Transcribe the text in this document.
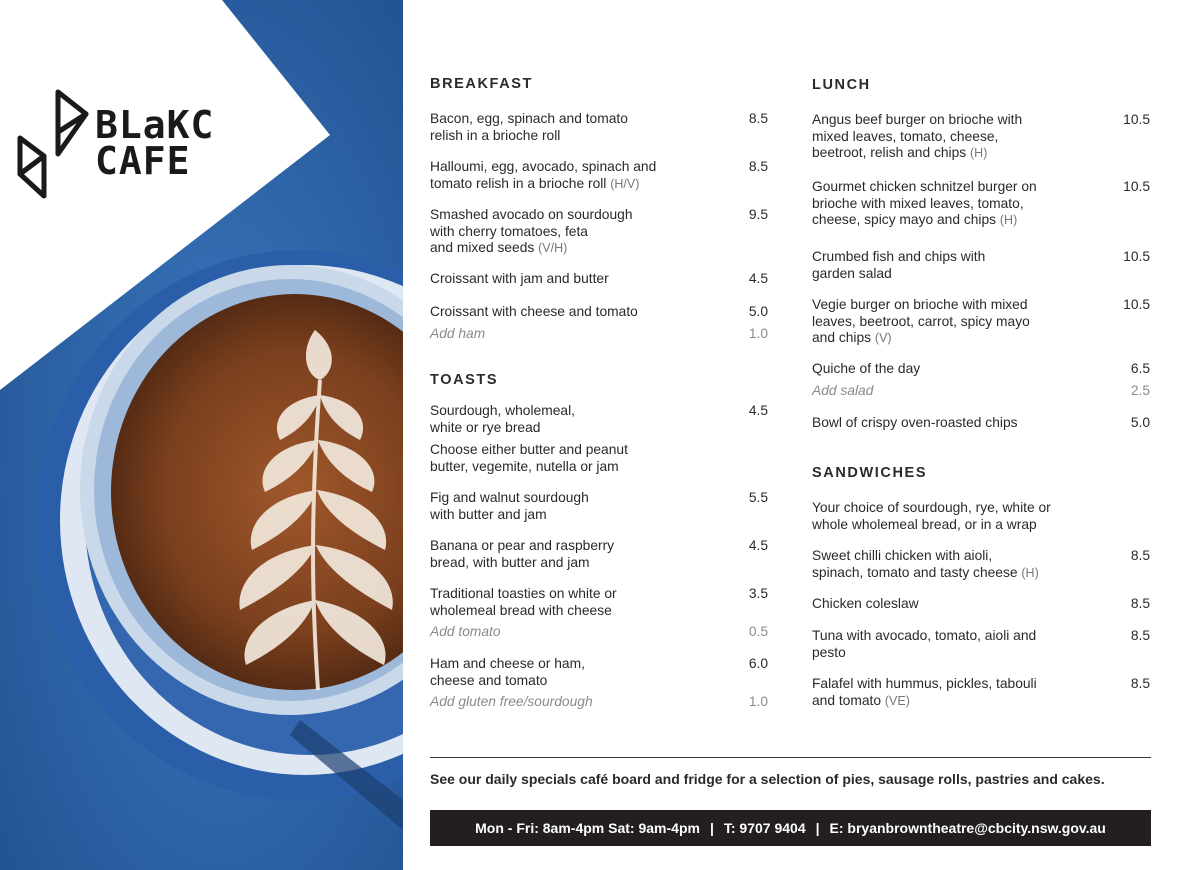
BLaKC
CAFE

BREAKFAST
Bacon, egg, spinach and tomato
relish in a brioche roll
8.5
Halloumi, egg, avocado, spinach and
tomato relish in a brioche roll (H/V)
8.5
Smashed avocado on sourdough
with cherry tomatoes, feta
and mixed seeds (V/H)
9.5
Croissant with jam and butter	4.5
Croissant with cheese and tomato	5.0
Add ham	1.0
TOASTS
Sourdough, wholemeal,
white or rye bread
4.5
Choose either butter and peanut
butter, vegemite, nutella or jam
Fig and walnut sourdough
with butter and jam
5.5
Banana or pear and raspberry
bread, with butter and jam
4.5
Traditional toasties on white or
wholemeal bread with cheese
3.5
Add tomato	0.5
Ham and cheese or ham,
cheese and tomato
6.0
Add gluten free/sourdough	1.0
LUNCH
Angus beef burger on brioche with
mixed leaves, tomato, cheese,
beetroot, relish and chips (H)
10.5
Gourmet chicken schnitzel burger on
brioche with mixed leaves, tomato,
cheese, spicy mayo and chips (H)
10.5
Crumbed fish and chips with
garden salad
10.5
Vegie burger on brioche with mixed
leaves, beetroot, carrot, spicy mayo
and chips (V)
10.5
Quiche of the day	6.5
Add salad	2.5
Bowl of crispy oven-roasted chips	5.0
SANDWICHES
Your choice of sourdough, rye, white or
whole wholemeal bread, or in a wrap
Sweet chilli chicken with aioli,
spinach, tomato and tasty cheese (H)
8.5
Chicken coleslaw	8.5
Tuna with avocado, tomato, aioli and
pesto
8.5
Falafel with hummus, pickles, tabouli
and tomato (VE)
8.5

See our daily specials café board and fridge for a selection of pies, sausage rolls, pastries and cakes.

Mon - Fri: 8am-4pm Sat: 9am-4pm | T: 9707 9404 | E: bryanbrowntheatre@cbcity.nsw.gov.au
